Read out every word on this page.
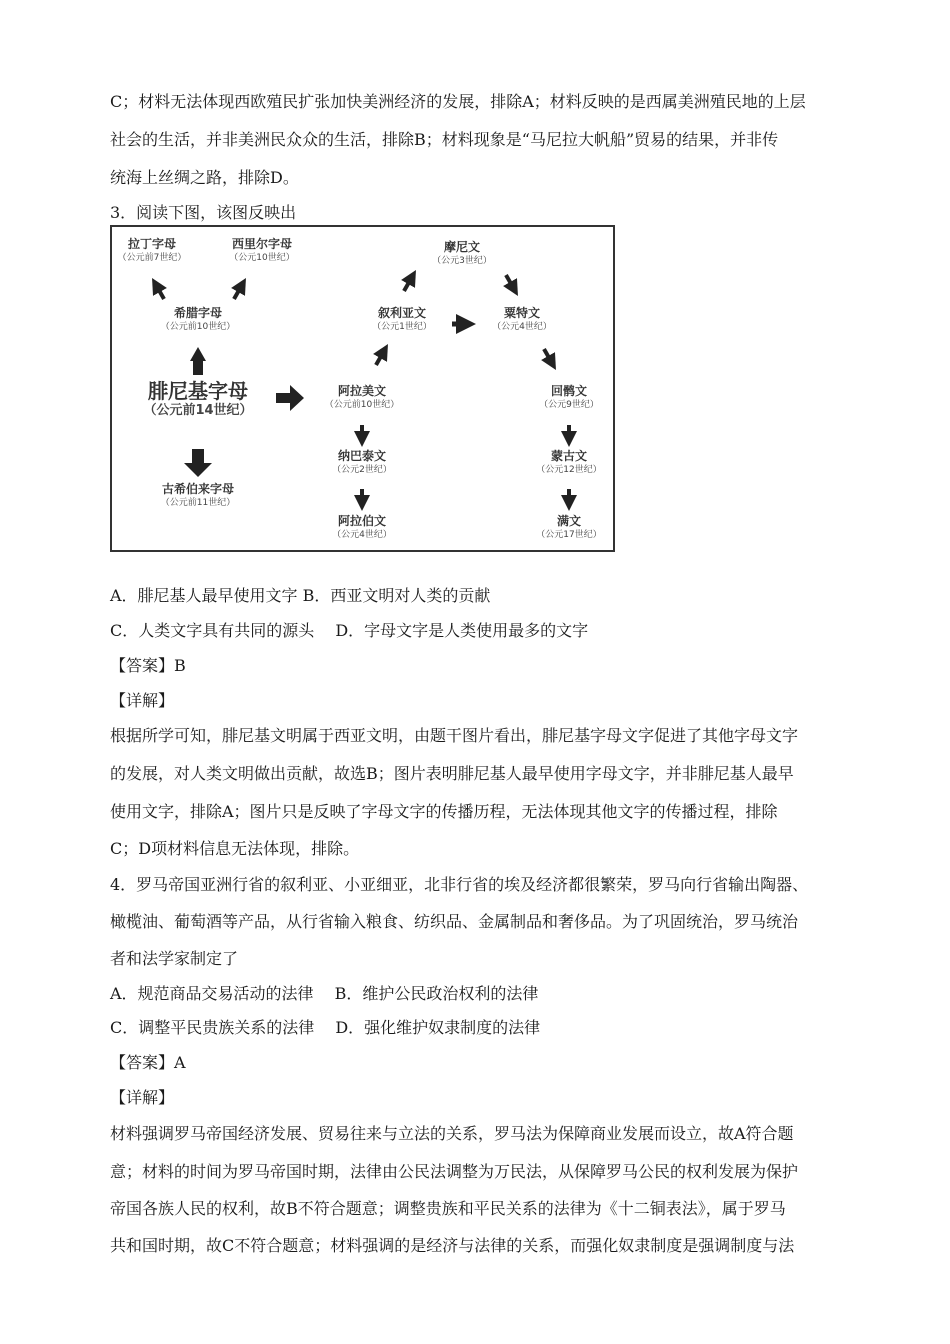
C；材料无法体现西欧殖民扩张加快美洲经济的发展，排除A；材料反映的是西属美洲殖民地的上层
社会的生活，并非美洲民众众的生活，排除B；材料现象是“马尼拉大帆船”贸易的结果，并非传
统海上丝绸之路，排除D。
3．阅读下图，该图反映出
拉丁字母
（公元前7世纪）
西里尔字母
（公元10世纪）
希腊字母
（公元前10世纪）
腓尼基字母
（公元前14世纪）
古希伯来字母
（公元前11世纪）
阿拉美文
（公元前10世纪）
纳巴泰文
（公元2世纪）
阿拉伯文
（公元4世纪）
叙利亚文
（公元1世纪）
摩尼文
（公元3世纪）
粟特文
（公元4世纪）
回鹘文
（公元9世纪）
蒙古文
（公元12世纪）
满文
（公元17世纪）
A．腓尼基人最早使用文字 B．西亚文明对人类的贡献
C．人类文字具有共同的源头　 D．字母文字是人类使用最多的文字
【答案】B
【详解】
根据所学可知，腓尼基文明属于西亚文明，由题干图片看出，腓尼基字母文字促进了其他字母文字
的发展，对人类文明做出贡献，故选B；图片表明腓尼基人最早使用字母文字，并非腓尼基人最早
使用文字，排除A；图片只是反映了字母文字的传播历程，无法体现其他文字的传播过程，排除
C；D项材料信息无法体现，排除。
4．罗马帝国亚洲行省的叙利亚、小亚细亚，北非行省的埃及经济都很繁荣，罗马向行省输出陶器、
橄榄油、葡萄酒等产品，从行省输入粮食、纺织品、金属制品和奢侈品。为了巩固统治，罗马统治
者和法学家制定了
A．规范商品交易活动的法律　 B．维护公民政治权利的法律
C．调整平民贵族关系的法律　 D．强化维护奴隶制度的法律
【答案】A
【详解】
材料强调罗马帝国经济发展、贸易往来与立法的关系，罗马法为保障商业发展而设立，故A符合题
意；材料的时间为罗马帝国时期，法律由公民法调整为万民法，从保障罗马公民的权利发展为保护
帝国各族人民的权利，故B不符合题意；调整贵族和平民关系的法律为《十二铜表法》，属于罗马
共和国时期，故C不符合题意；材料强调的是经济与法律的关系，而强化奴隶制度是强调制度与法
